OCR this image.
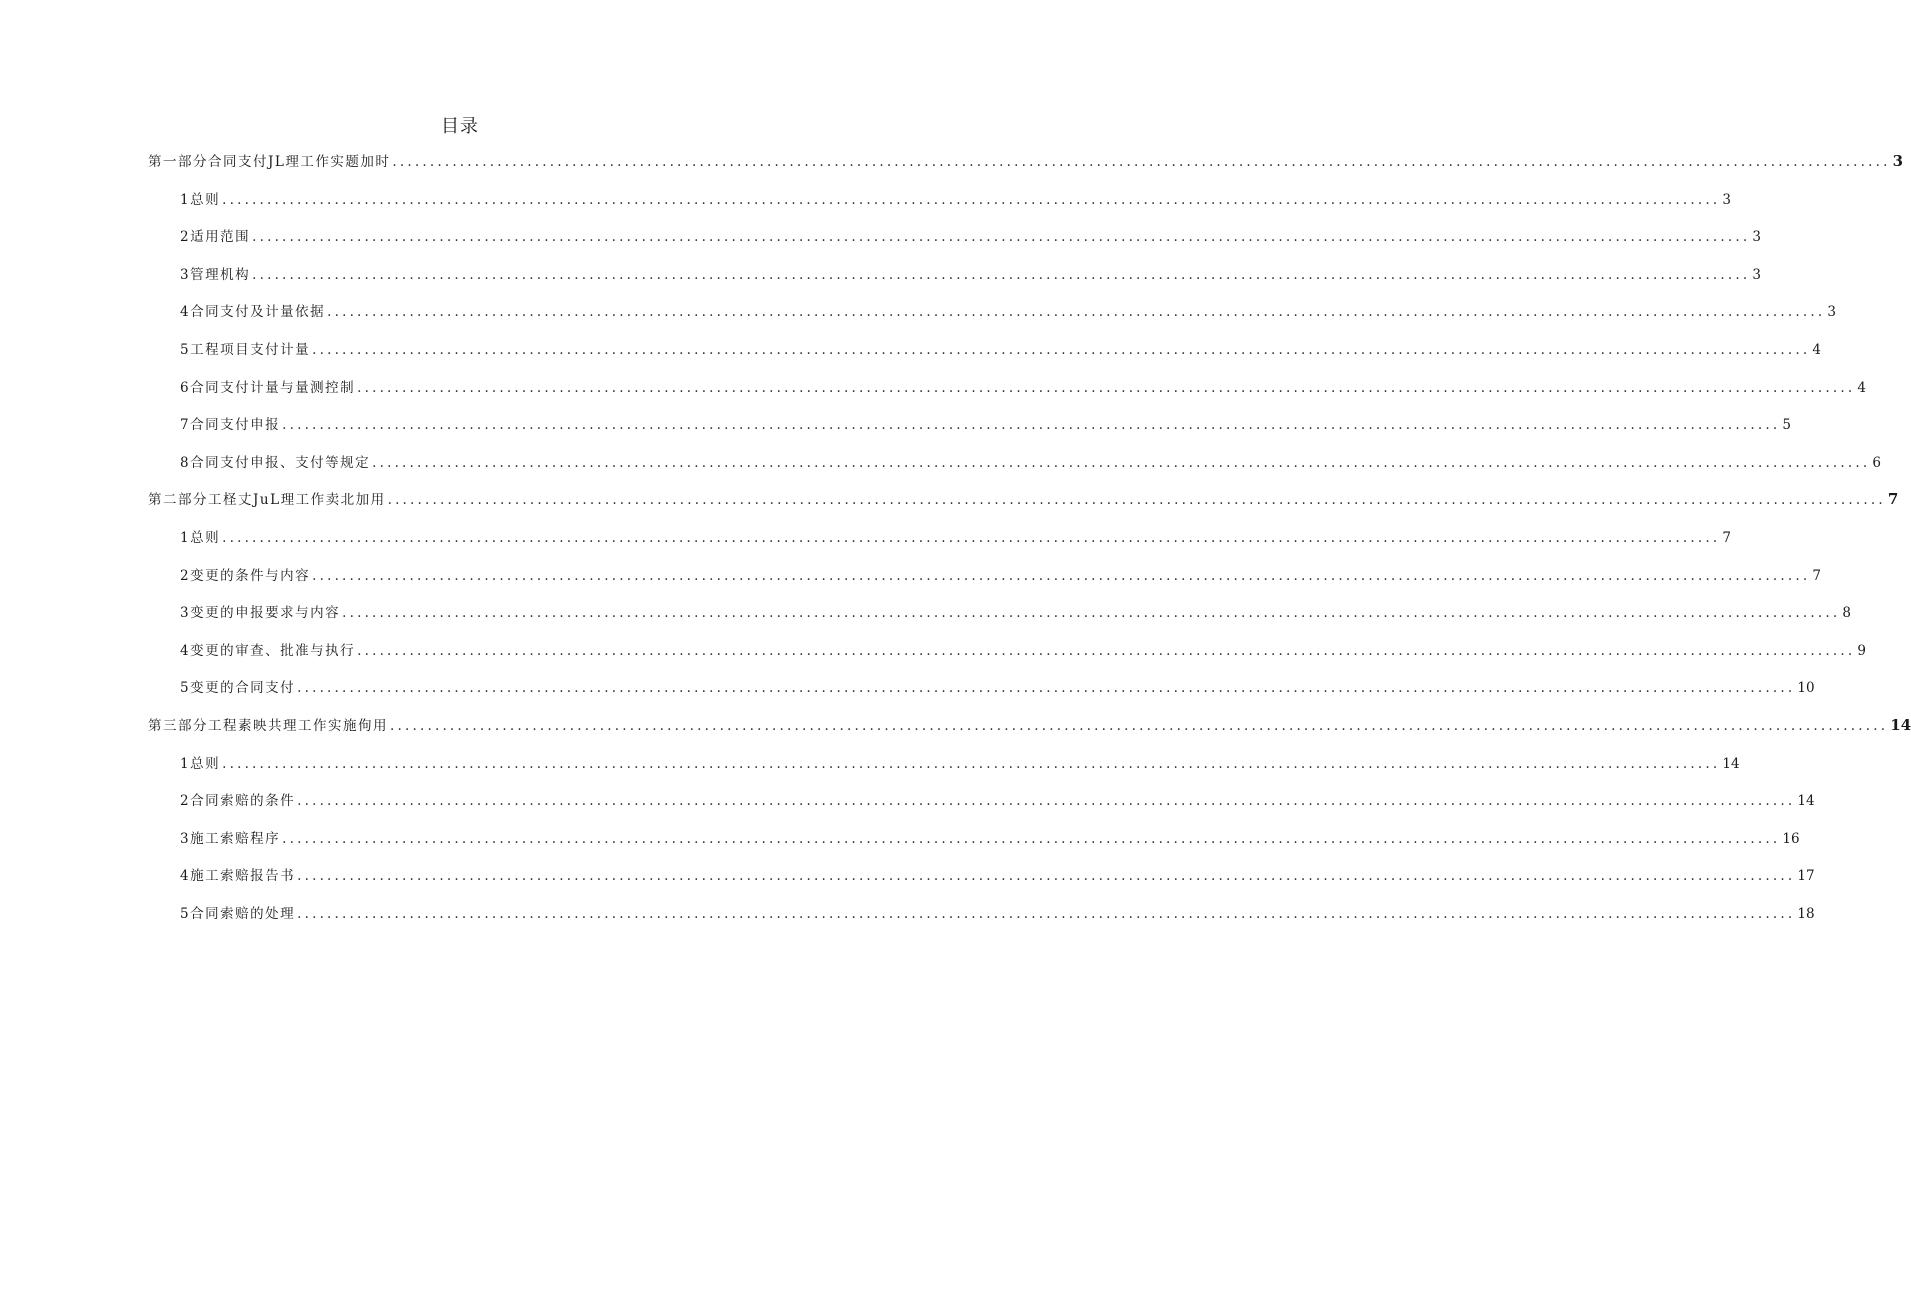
目录
第一部分合同支付JL理工作实题加时 ........................................................................................................................................................................................................ 3
1总则 ........................................................................................................................................................................................................ 3
2适用范围 ........................................................................................................................................................................................................ 3
3管理机构 ........................................................................................................................................................................................................ 3
4合同支付及计量依据 ........................................................................................................................................................................................................ 3
5工程项目支付计量 ........................................................................................................................................................................................................ 4
6合同支付计量与量测控制 ........................................................................................................................................................................................................ 4
7合同支付申报 ........................................................................................................................................................................................................ 5
8合同支付申报、支付等规定 ........................................................................................................................................................................................................ 6
第二部分工柽丈JuL理工作卖北加用 ........................................................................................................................................................................................................ 7
1总则 ........................................................................................................................................................................................................ 7
2变更的条件与内容 ........................................................................................................................................................................................................ 7
3变更的申报要求与内容 ........................................................................................................................................................................................................ 8
4变更的审查、批准与执行 ........................................................................................................................................................................................................ 9
5变更的合同支付 ........................................................................................................................................................................................................ 10
第三部分工程素映共理工作实施佝用 ........................................................................................................................................................................................................ 14
1总则 ........................................................................................................................................................................................................ 14
2合同索赔的条件 ........................................................................................................................................................................................................ 14
3施工索赔程序 ........................................................................................................................................................................................................ 16
4施工索赔报告书 ........................................................................................................................................................................................................ 17
5合同索赔的处理 ........................................................................................................................................................................................................ 18
